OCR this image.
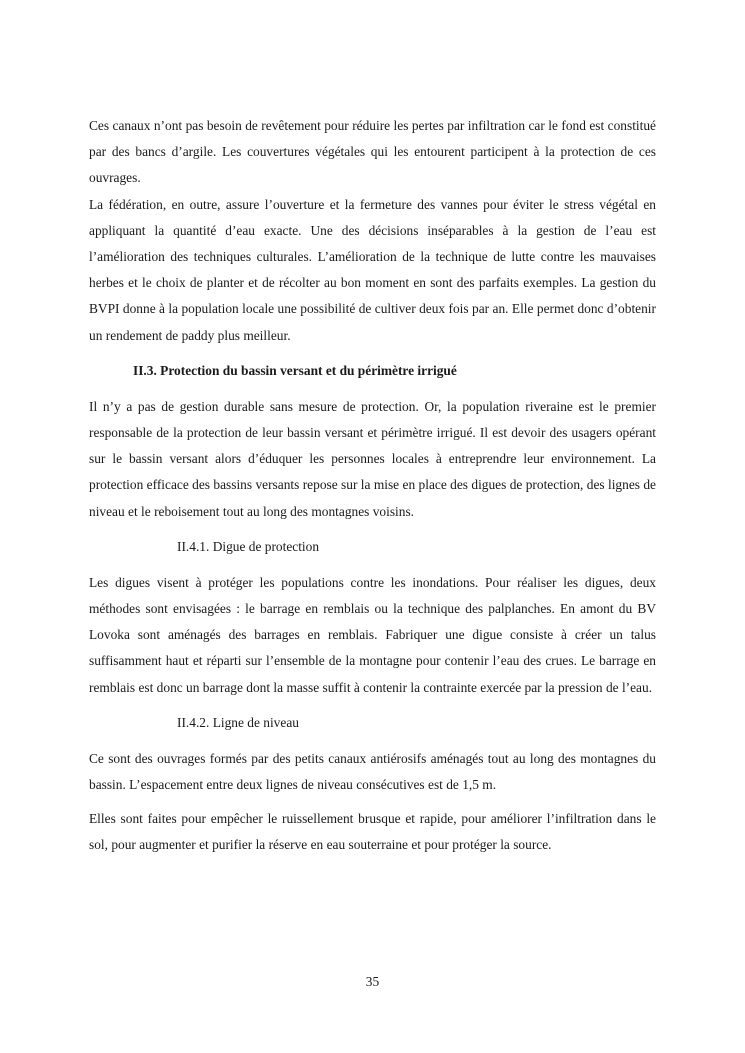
Ces canaux n’ont pas besoin de revêtement pour réduire les pertes par infiltration car le fond est constitué par des bancs d’argile. Les couvertures végétales qui les entourent participent à la protection de ces ouvrages.

La fédération, en outre, assure l’ouverture et la fermeture des vannes pour éviter le stress végétal en appliquant la quantité d’eau exacte. Une des décisions inséparables à la gestion de l’eau est l’amélioration des techniques culturales. L’amélioration de la technique de lutte contre les mauvaises herbes et le choix de planter et de récolter au bon moment en sont des parfaits exemples. La gestion du BVPI donne à la population locale une possibilité de cultiver deux fois par an. Elle permet donc d’obtenir un rendement de paddy plus meilleur.

II.3. Protection du bassin versant et du périmètre irrigué

Il n’y a pas de gestion durable sans mesure de protection. Or, la population riveraine est le premier responsable de la protection de leur bassin versant et périmètre irrigué. Il est devoir des usagers opérant sur le bassin versant alors d’éduquer les personnes locales à entreprendre leur environnement. La protection efficace des bassins versants repose sur la mise en place des digues de protection, des lignes de niveau et le reboisement tout au long des montagnes voisins.

II.4.1. Digue de protection

Les digues visent à protéger les populations contre les inondations. Pour réaliser les digues, deux méthodes sont envisagées : le barrage en remblais ou la technique des palplanches. En amont du BV Lovoka sont aménagés des barrages en remblais. Fabriquer une digue consiste à créer un talus suffisamment haut et réparti sur l’ensemble de la montagne pour contenir l’eau des crues. Le barrage en remblais est donc un barrage dont la masse suffit à contenir la contrainte exercée par la pression de l’eau.

II.4.2. Ligne de niveau

Ce sont des ouvrages formés par des petits canaux antiérosifs aménagés tout au long des montagnes du bassin. L’espacement entre deux lignes de niveau consécutives est de 1,5 m.

Elles sont faites pour empêcher le ruissellement brusque et rapide, pour améliorer l’infiltration dans le sol, pour augmenter et purifier la réserve en eau souterraine et pour protéger la source.

35
